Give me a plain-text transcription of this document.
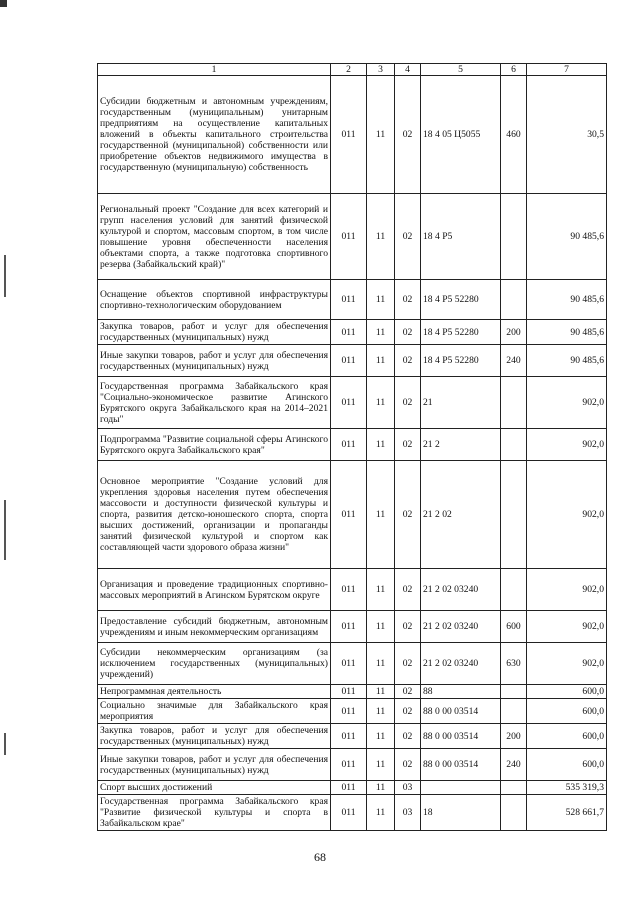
1	2	3	4	5	6	7
Субсидии бюджетным и автономным учреждениям, государственным (муниципальным) унитарным предприятиям на осуществление капитальных вложений в объекты капитального строительства государственной (муниципальной) собственности или приобретение объектов недвижимого имущества в государственную (муниципальную) собственность	011	11	02	18 4 05 Ц5055	460	30,5
Региональный проект "Создание для всех категорий и групп населения условий для занятий физической культурой и спортом, массовым спортом, в том числе повышение уровня обеспеченности населения объектами спорта, а также подготовка спортивного резерва (Забайкальский край)"	011	11	02	18 4 P5		90 485,6
Оснащение объектов спортивной инфраструктуры спортивно-технологическим оборудованием	011	11	02	18 4 P5 52280		90 485,6
Закупка товаров, работ и услуг для обеспечения государственных (муниципальных) нужд	011	11	02	18 4 P5 52280	200	90 485,6
Иные закупки товаров, работ и услуг для обеспечения государственных (муниципальных) нужд	011	11	02	18 4 P5 52280	240	90 485,6
Государственная программа Забайкальского края "Социально-экономическое развитие Агинского Бурятского округа Забайкальского края на 2014–2021 годы"	011	11	02	21		902,0
Подпрограмма "Развитие социальной сферы Агинского Бурятского округа Забайкальского края"	011	11	02	21 2		902,0
Основное мероприятие "Создание условий для укрепления здоровья населения путем обеспечения массовости и доступности физической культуры и спорта, развития детско-юношеского спорта, спорта высших достижений, организации и пропаганды занятий физической культурой и спортом как составляющей части здорового образа жизни"	011	11	02	21 2 02		902,0
Организация и проведение традиционных спортивно-массовых мероприятий в Агинском Бурятском округе	011	11	02	21 2 02 03240		902,0
Предоставление субсидий бюджетным, автономным учреждениям и иным некоммерческим организациям	011	11	02	21 2 02 03240	600	902,0
Субсидии некоммерческим организациям (за исключением государственных (муниципальных) учреждений)	011	11	02	21 2 02 03240	630	902,0
Непрограммная деятельность	011	11	02	88		600,0
Социально значимые для Забайкальского края мероприятия	011	11	02	88 0 00 03514		600,0
Закупка товаров, работ и услуг для обеспечения государственных (муниципальных) нужд	011	11	02	88 0 00 03514	200	600,0
Иные закупки товаров, работ и услуг для обеспечения государственных (муниципальных) нужд	011	11	02	88 0 00 03514	240	600,0
Спорт высших достижений	011	11	03			535 319,3
Государственная программа Забайкальского края "Развитие физической культуры и спорта в Забайкальском крае"	011	11	03	18		528 661,7
68
